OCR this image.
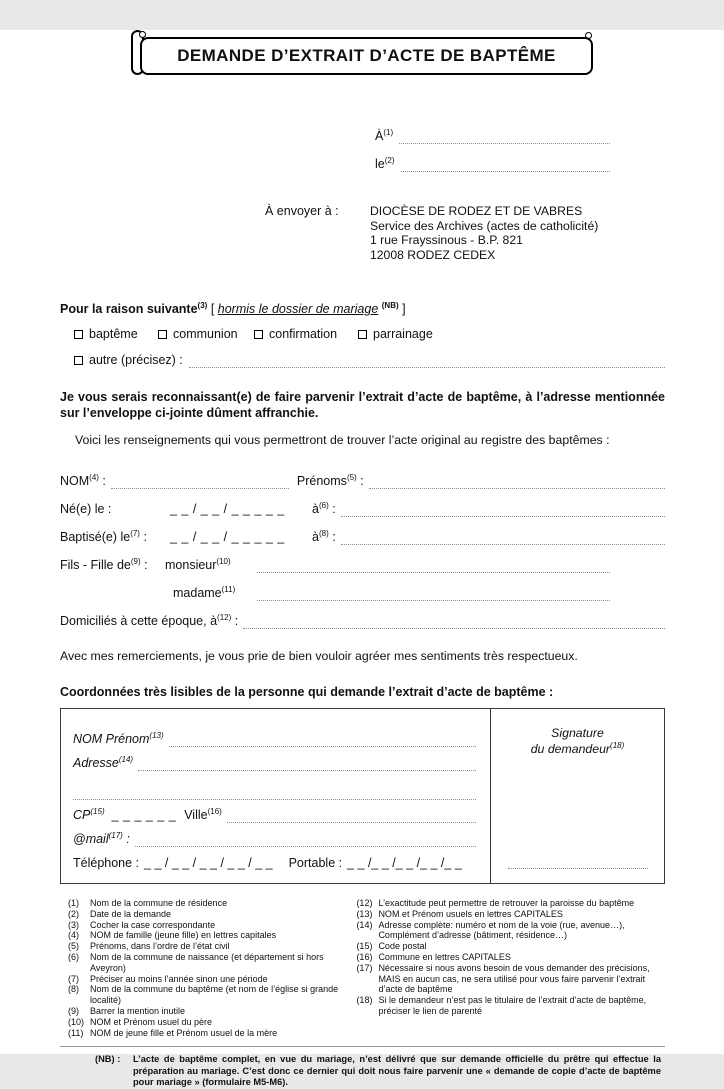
DEMANDE D’EXTRAIT D’ACTE DE BAPTÊME
$À^{(1)}$
$le^{(2)}$
À envoyer à :	DIOCÈSE DE RODEZ ET DE VABRES
Service des Archives (actes de catholicité)
1 rue Frayssinous - B.P. 821
12008 RODEZ CEDEX
Pour la raison suivante$^{(3)}$ [ hormis le dossier de mariage $^{(NB)}$ ]
baptême	communion	confirmation	parrainage
autre (précisez) :

Je vous serais reconnaissant(e) de faire parvenir l’extrait d’acte de baptême, à l’adresse mentionnée sur l’enveloppe ci-jointe dûment affranchie.

Voici les renseignements qui vous permettront de trouver l’acte original au registre des baptêmes :

NOM$^{(4)}$ :	Prénoms$^{(5)}$ :
Né(e) le :	_ _ / _ _ / _ _ _ _ _	$à^{(6)}$ :
Baptisé(e) $le^{(7)}$ :	_ _ / _ _ / _ _ _ _ _	$à^{(8)}$ :
Fils - Fille $de^{(9)}$ :	monsieur$^{(10)}$
madame$^{(11)}$
Domiciliés à cette époque, $à^{(12)}$ :

Avec mes remerciements, je vous prie de bien vouloir agréer mes sentiments très respectueux.

Coordonnées très lisibles de la personne qui demande l’extrait d’acte de baptême :

NOM Prénom$^{(13)}$
Adresse$^{(14)}$
CP$^{(15)}$ _ _ _ _ _ _ Ville$^{(16)}$
@mail$^{(17)}$ :
Téléphone : _ _ / _ _ / _ _ / _ _ / _ _ Portable : _ _ /_ _ /_ _ /_ _ /_ _
Signature
du demandeur$^{(18)}$
(1)	Nom de la commune de résidence
(2)	Date de la demande
(3)	Cocher la case correspondante
(4)	NOM de famille (jeune fille) en lettres capitales
(5)	Prénoms, dans l’ordre de l’état civil
(6)	Nom de la commune de naissance (et département si hors Aveyron)
(7)	Préciser au moins l’année sinon une période
(8)	Nom de la commune du baptême (et nom de l’église si grande localité)
(9)	Barrer la mention inutile
(10) NOM et Prénom usuel du père
(11) NOM de jeune fille et Prénom usuel de la mère
(12) L’exactitude peut permettre de retrouver la paroisse du baptême
(13) NOM et Prénom usuels en lettres CAPITALES
(14) Adresse complète: numéro et nom de la voie (rue, avenue…), Complément d’adresse (bâtiment, résidence…)
(15) Code postal
(16) Commune en lettres CAPITALES
(17) Nécessaire si nous avons besoin de vous demander des précisions, MAIS en aucun cas, ne sera utilisé pour vous faire parvenir l’extrait d’acte de baptême
(18) Si le demandeur n’est pas le titulaire de l’extrait d’acte de baptême, préciser le lien de parenté
(NB) :	L’acte de baptême complet, en vue du mariage, n’est délivré que sur demande officielle du prêtre qui effectue la préparation au mariage. C’est donc ce dernier qui doit nous faire parvenir une « demande de copie d’acte de baptême pour mariage » (formulaire M5-M6).
